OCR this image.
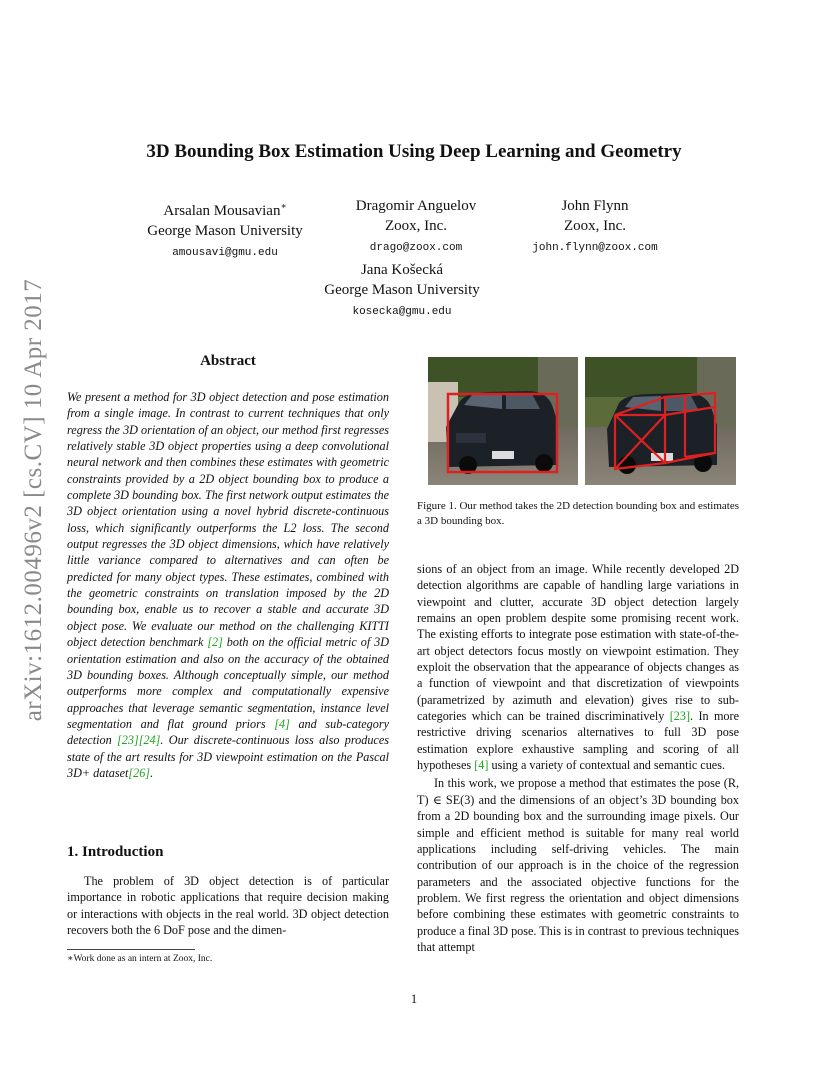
arXiv:1612.00496v2 [cs.CV] 10 Apr 2017
3D Bounding Box Estimation Using Deep Learning and Geometry
Arsalan Mousavian∗
George Mason University
amousavi@gmu.edu
Dragomir Anguelov
Zoox, Inc.
drago@zoox.com
John Flynn
Zoox, Inc.
john.flynn@zoox.com
Jana Košecká
George Mason University
kosecka@gmu.edu
Abstract
We present a method for 3D object detection and pose estimation from a single image. In contrast to current techniques that only regress the 3D orientation of an object, our method first regresses relatively stable 3D object properties using a deep convolutional neural network and then combines these estimates with geometric constraints provided by a 2D object bounding box to produce a complete 3D bounding box. The first network output estimates the 3D object orientation using a novel hybrid discrete-continuous loss, which significantly outperforms the L2 loss. The second output regresses the 3D object dimensions, which have relatively little variance compared to alternatives and can often be predicted for many object types. These estimates, combined with the geometric constraints on translation imposed by the 2D bounding box, enable us to recover a stable and accurate 3D object pose. We evaluate our method on the challenging KITTI object detection benchmark [2] both on the official metric of 3D orientation estimation and also on the accuracy of the obtained 3D bounding boxes. Although conceptually simple, our method outperforms more complex and computationally expensive approaches that leverage semantic segmentation, instance level segmentation and flat ground priors [4] and sub-category detection [23][24]. Our discrete-continuous loss also produces state of the art results for 3D viewpoint estimation on the Pascal 3D+ dataset[26].
1. Introduction

The problem of 3D object detection is of particular importance in robotic applications that require decision making or interactions with objects in the real world. 3D object detection recovers both the 6 DoF pose and the dimen-

∗Work done as an intern at Zoox, Inc.
Figure 1. Our method takes the 2D detection bounding box and estimates a 3D bounding box.

sions of an object from an image. While recently developed 2D detection algorithms are capable of handling large variations in viewpoint and clutter, accurate 3D object detection largely remains an open problem despite some promising recent work. The existing efforts to integrate pose estimation with state-of-the-art object detectors focus mostly on viewpoint estimation. They exploit the observation that the appearance of objects changes as a function of viewpoint and that discretization of viewpoints (parametrized by azimuth and elevation) gives rise to sub-categories which can be trained discriminatively [23]. In more restrictive driving scenarios alternatives to full 3D pose estimation explore exhaustive sampling and scoring of all hypotheses [4] using a variety of contextual and semantic cues.

In this work, we propose a method that estimates the pose (R, T) ∈ SE(3) and the dimensions of an object’s 3D bounding box from a 2D bounding box and the surrounding image pixels. Our simple and efficient method is suitable for many real world applications including self-driving vehicles. The main contribution of our approach is in the choice of the regression parameters and the associated objective functions for the problem. We first regress the orientation and object dimensions before combining these estimates with geometric constraints to produce a final 3D pose. This is in contrast to previous techniques that attempt

1
